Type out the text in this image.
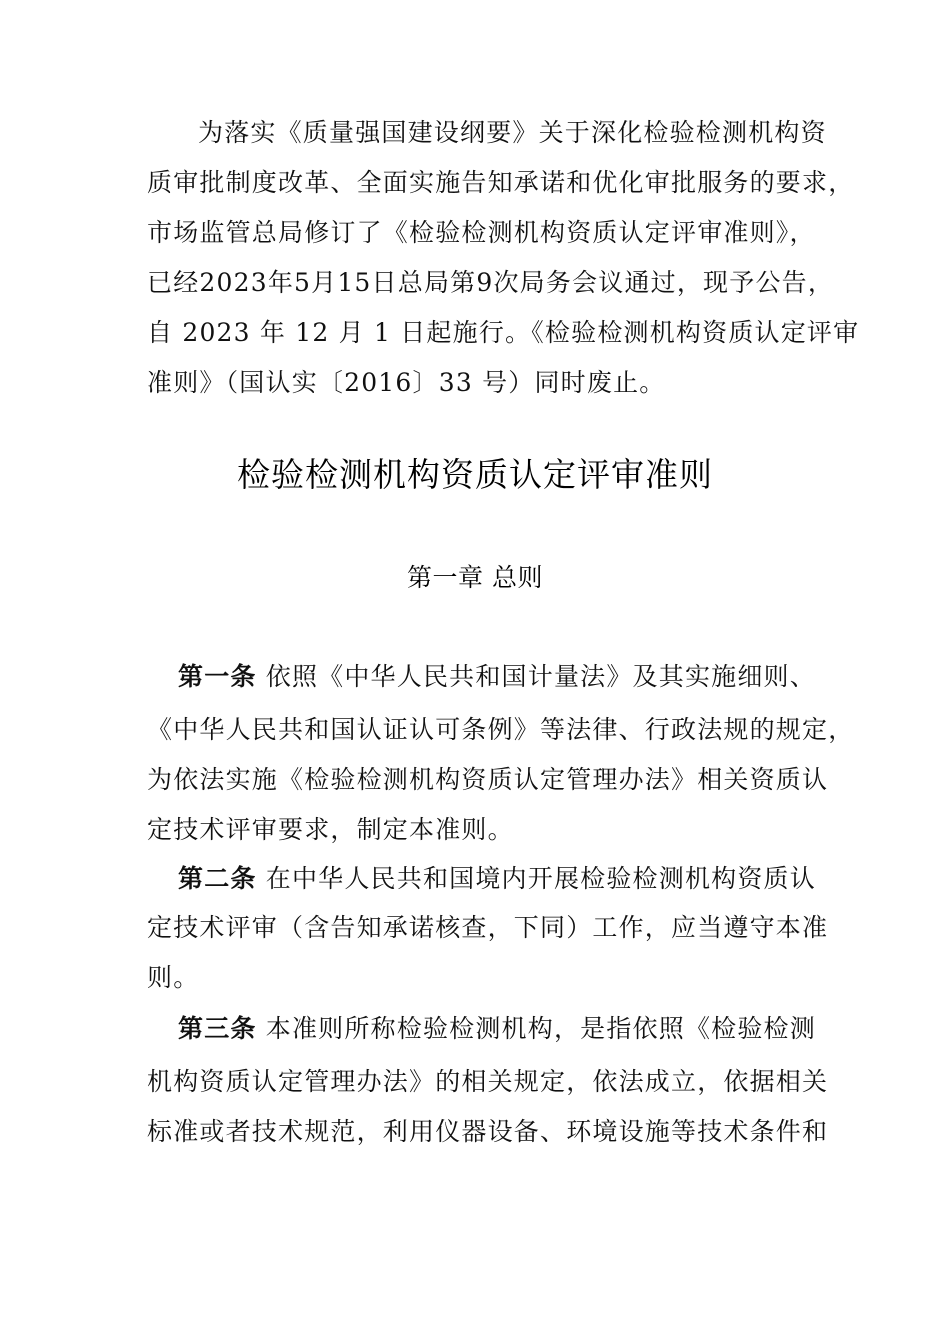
为落实《质量强国建设纲要》关于深化检验检测机构资
质审批制度改革、全面实施告知承诺和优化审批服务的要求，
市场监管总局修订了《检验检测机构资质认定评审准则》，
已经2023年5月15日总局第9次局务会议通过，现予公告，
自 2023 年 12 月 1 日起施行。《检验检测机构资质认定评审
准则》（国认实〔2016〕33 号）同时废止。
检验检测机构资质认定评审准则
第一章 总则
第一条 依照《中华人民共和国计量法》及其实施细则、
《中华人民共和国认证认可条例》等法律、行政法规的规定，
为依法实施《检验检测机构资质认定管理办法》相关资质认
定技术评审要求，制定本准则。
第二条 在中华人民共和国境内开展检验检测机构资质认
定技术评审（含告知承诺核查，下同）工作，应当遵守本准
则。
第三条 本准则所称检验检测机构，是指依照《检验检测
机构资质认定管理办法》的相关规定，依法成立，依据相关
标准或者技术规范，利用仪器设备、环境设施等技术条件和
